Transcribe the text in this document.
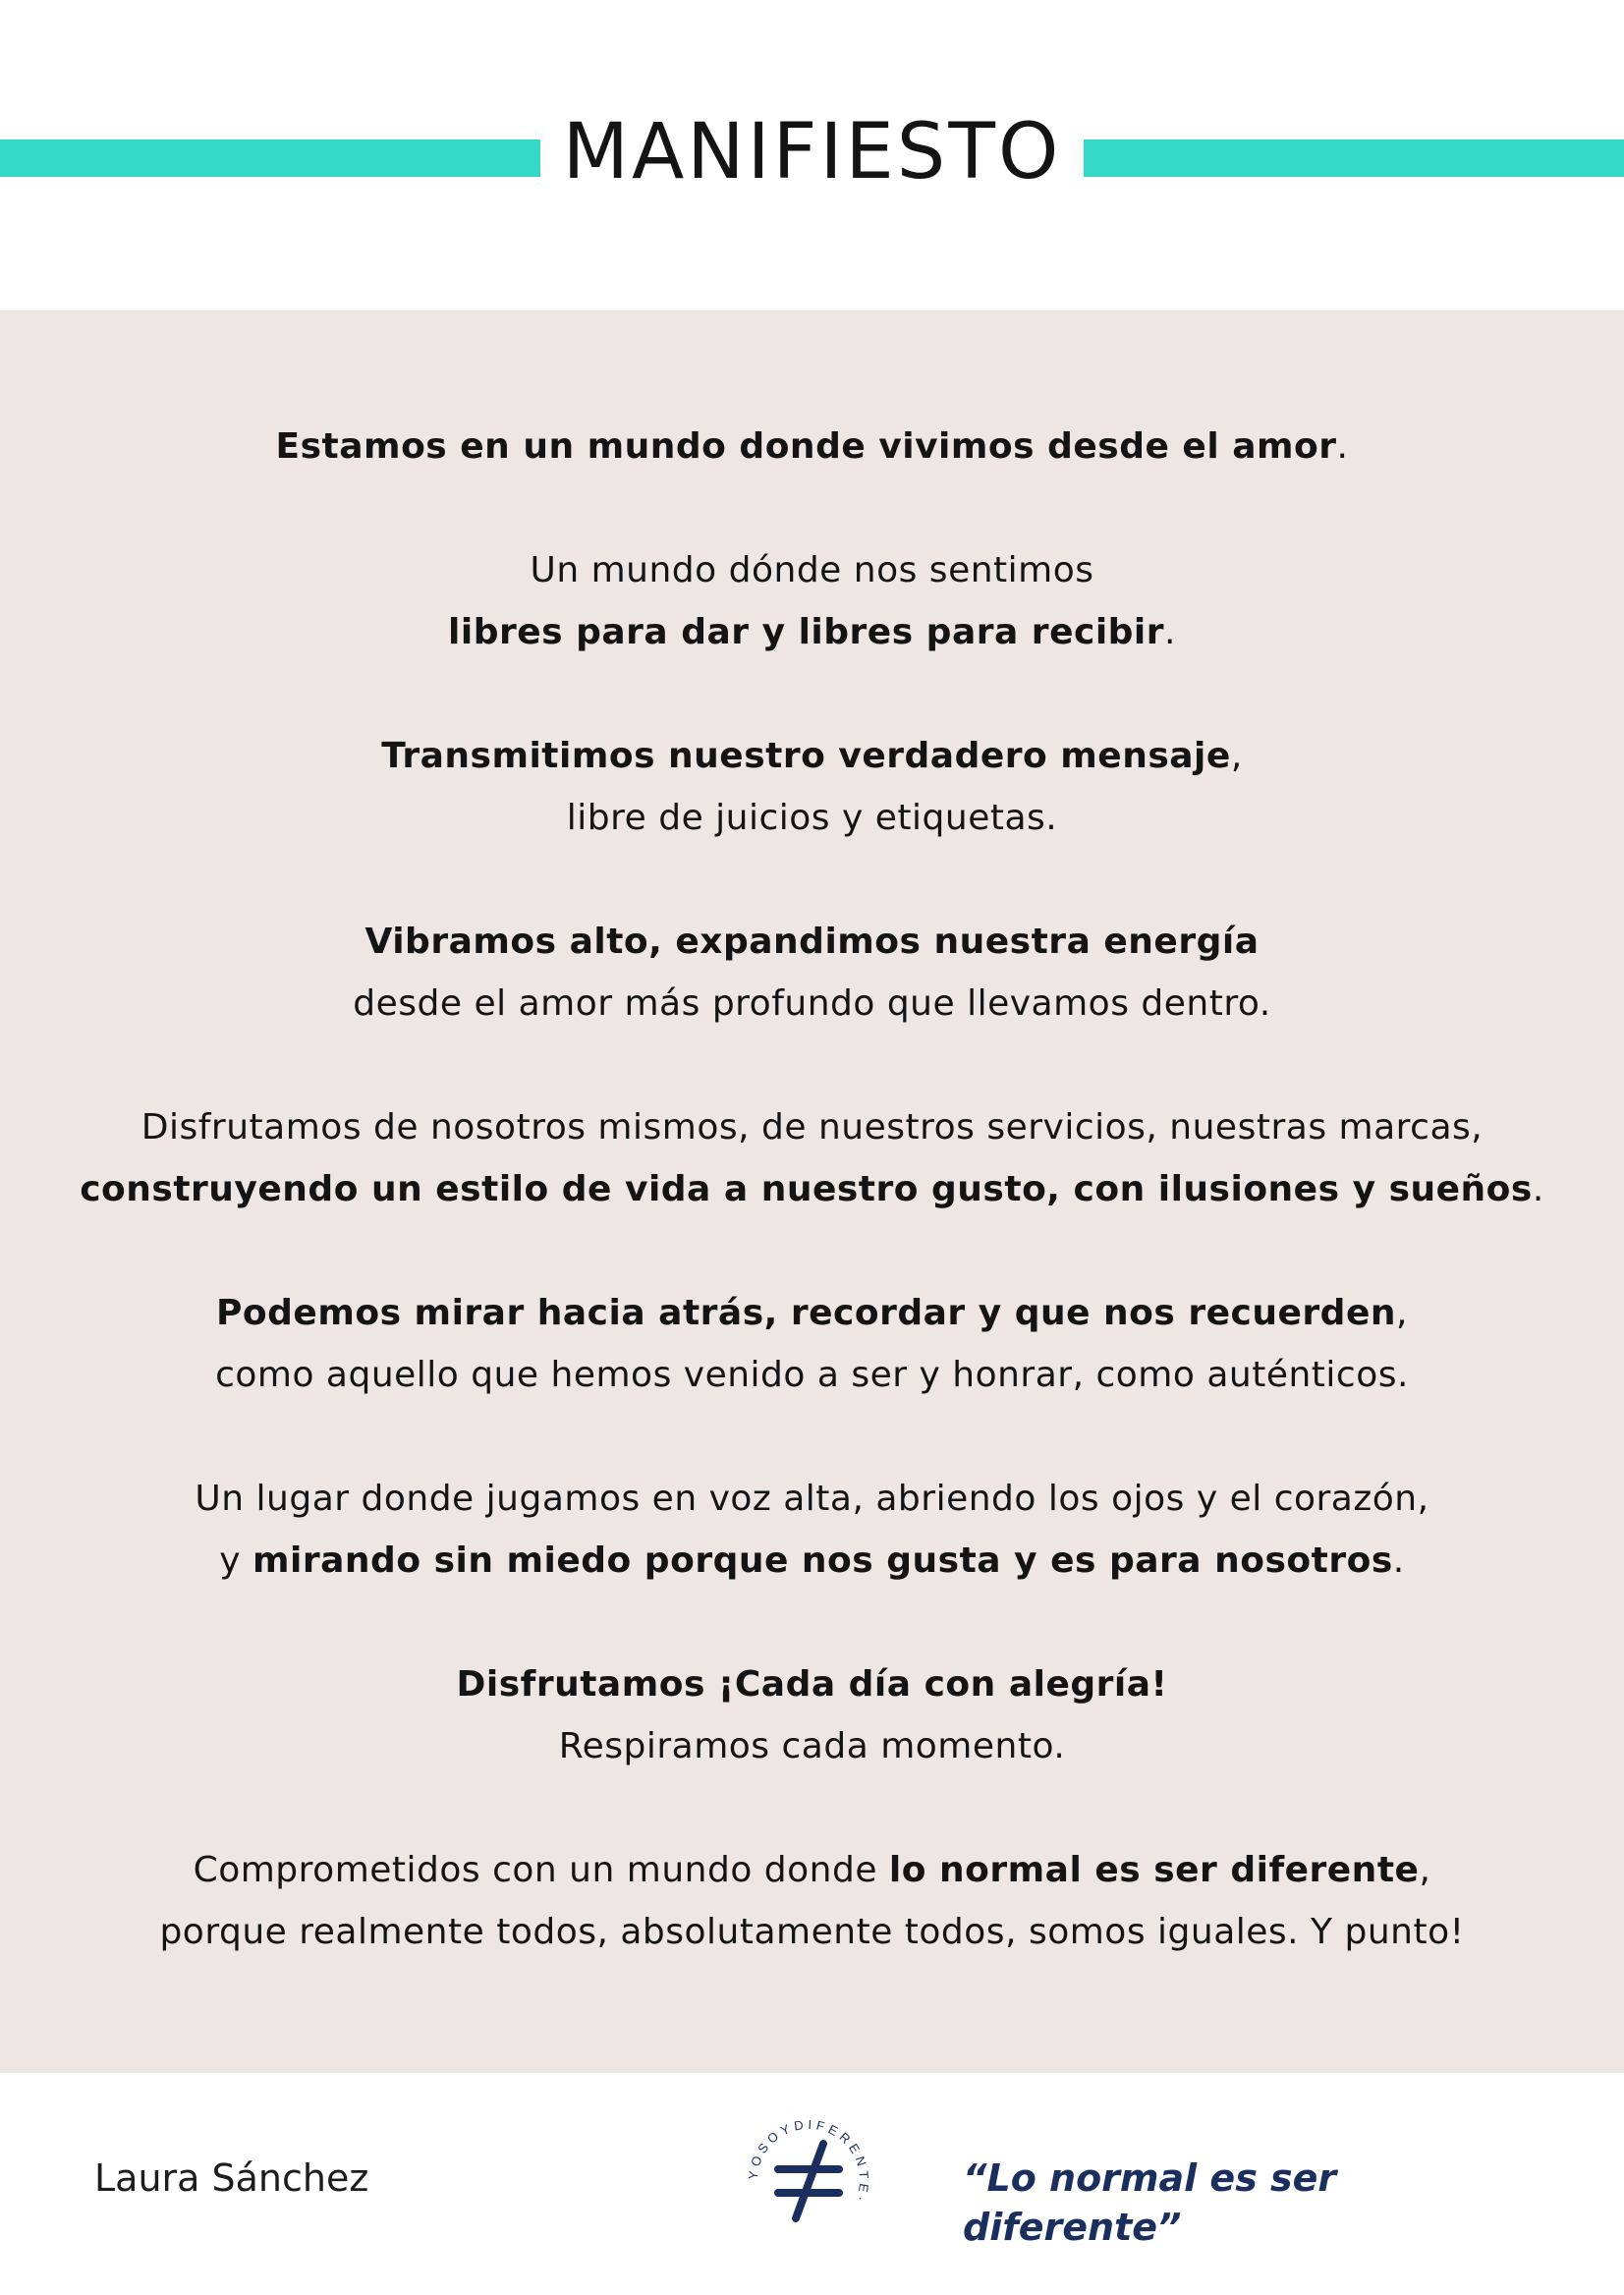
MANIFIESTO

Estamos en un mundo donde vivimos desde el amor.

Un mundo dónde nos sentimos
libres para dar y libres para recibir.

Transmitimos nuestro verdadero mensaje,
libre de juicios y etiquetas.

Vibramos alto, expandimos nuestra energía
desde el amor más profundo que llevamos dentro.

Disfrutamos de nosotros mismos, de nuestros servicios, nuestras marcas,
construyendo un estilo de vida a nuestro gusto, con ilusiones y sueños.

Podemos mirar hacia atrás, recordar y que nos recuerden,
como aquello que hemos venido a ser y honrar, como auténticos.

Un lugar donde jugamos en voz alta, abriendo los ojos y el corazón,
y mirando sin miedo porque nos gusta y es para nosotros.

Disfrutamos ¡Cada día con alegría!
Respiramos cada momento.

Comprometidos con un mundo donde lo normal es ser diferente,
porque realmente todos, absolutamente todos, somos iguales. Y punto!

Laura Sánchez	YOSOYDIFERENTE·
“Lo normal es ser diferente”
